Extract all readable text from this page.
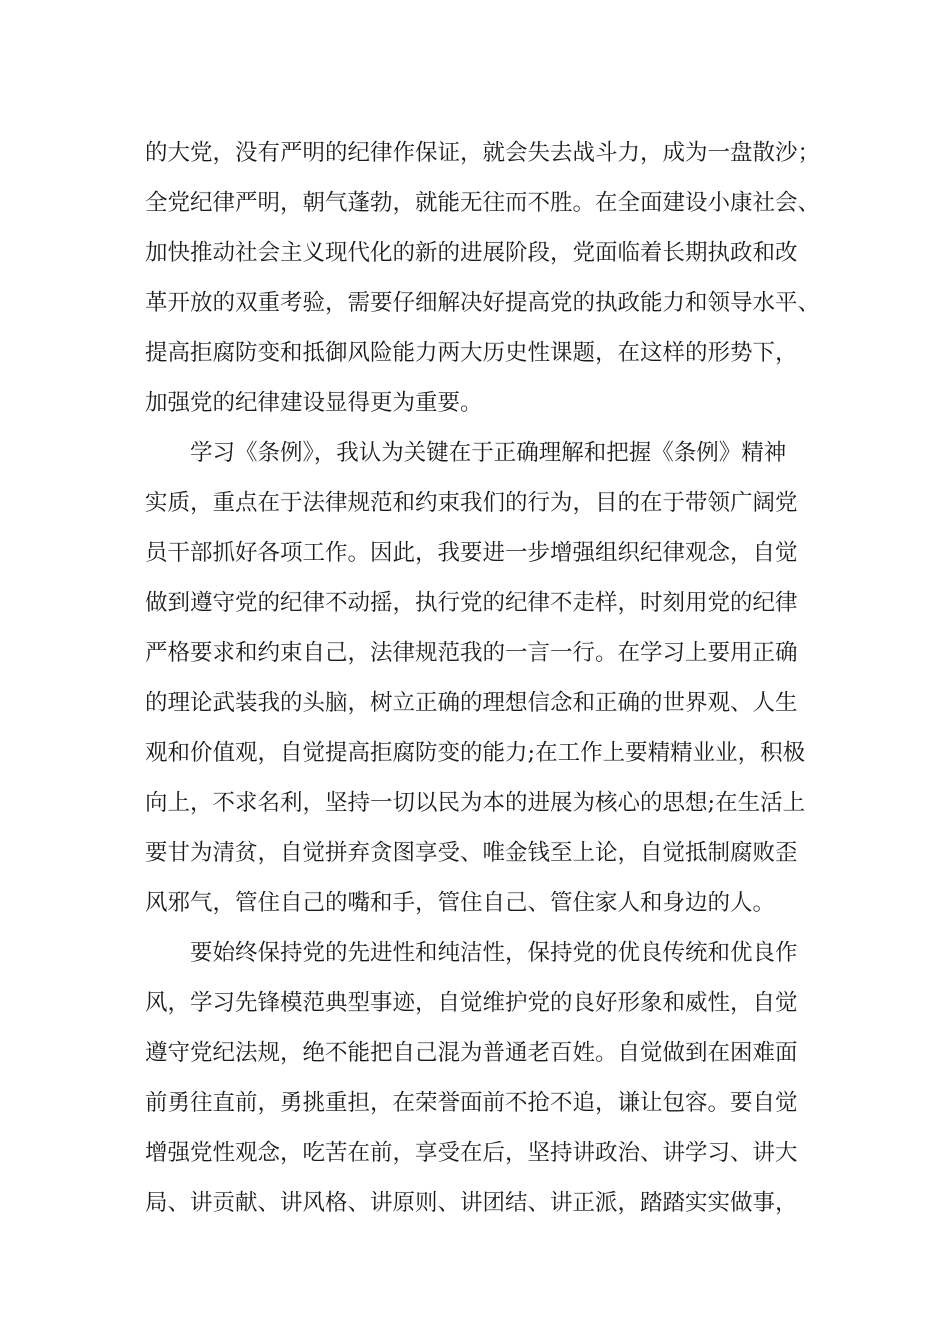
的大党，没有严明的纪律作保证，就会失去战斗力，成为一盘散沙；
全党纪律严明，朝气蓬勃，就能无往而不胜。在全面建设小康社会、
加快推动社会主义现代化的新的进展阶段，党面临着长期执政和改
革开放的双重考验，需要仔细解决好提高党的执政能力和领导水平、
提高拒腐防变和抵御风险能力两大历史性课题，在这样的形势下，
加强党的纪律建设显得更为重要。
学习《条例》，我认为关键在于正确理解和把握《条例》精神
实质，重点在于法律规范和约束我们的行为，目的在于带领广阔党
员干部抓好各项工作。因此，我要进一步增强组织纪律观念，自觉
做到遵守党的纪律不动摇，执行党的纪律不走样，时刻用党的纪律
严格要求和约束自己，法律规范我的一言一行。在学习上要用正确
的理论武装我的头脑，树立正确的理想信念和正确的世界观、人生
观和价值观，自觉提高拒腐防变的能力;在工作上要精精业业，积极
向上，不求名利，坚持一切以民为本的进展为核心的思想;在生活上
要甘为清贫，自觉拼弃贪图享受、唯金钱至上论，自觉抵制腐败歪
风邪气，管住自己的嘴和手，管住自己、管住家人和身边的人。
要始终保持党的先进性和纯洁性，保持党的优良传统和优良作
风，学习先锋模范典型事迹，自觉维护党的良好形象和威性，自觉
遵守党纪法规，绝不能把自己混为普通老百姓。自觉做到在困难面
前勇往直前，勇挑重担，在荣誉面前不抢不追，谦让包容。要自觉
增强党性观念，吃苦在前，享受在后，坚持讲政治、讲学习、讲大
局、讲贡献、讲风格、讲原则、讲团结、讲正派，踏踏实实做事，
